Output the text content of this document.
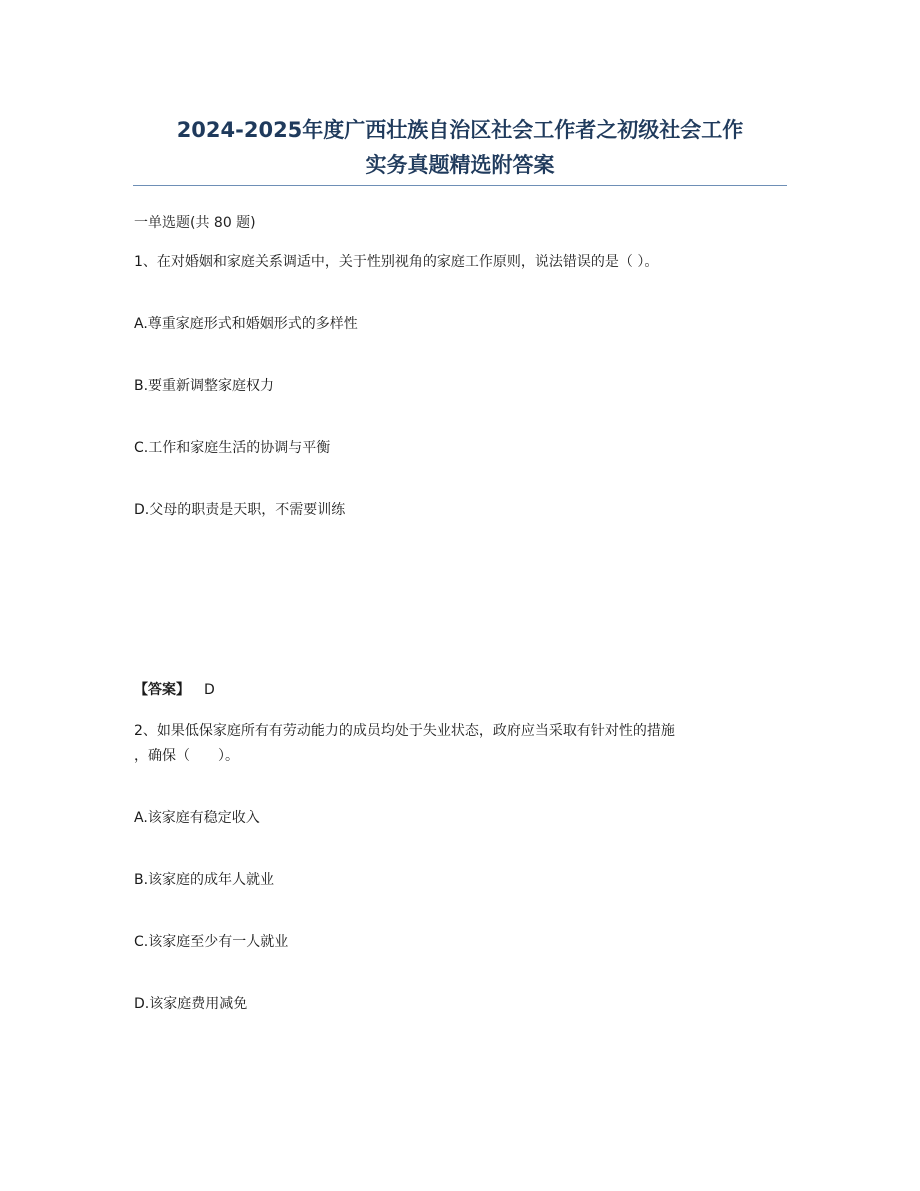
2024-2025年度广西壮族自治区社会工作者之初级社会工作
实务真题精选附答案
一单选题(共 80 题)
1、在对婚姻和家庭关系调适中，关于性别视角的家庭工作原则，说法错误的是（ ）。
A.尊重家庭形式和婚姻形式的多样性
B.要重新调整家庭权力
C.工作和家庭生活的协调与平衡
D.父母的职责是天职，不需要训练
【答案】 D
2、如果低保家庭所有有劳动能力的成员均处于失业状态，政府应当采取有针对性的措施
，确保（　　）。
A.该家庭有稳定收入
B.该家庭的成年人就业
C.该家庭至少有一人就业
D.该家庭费用减免
